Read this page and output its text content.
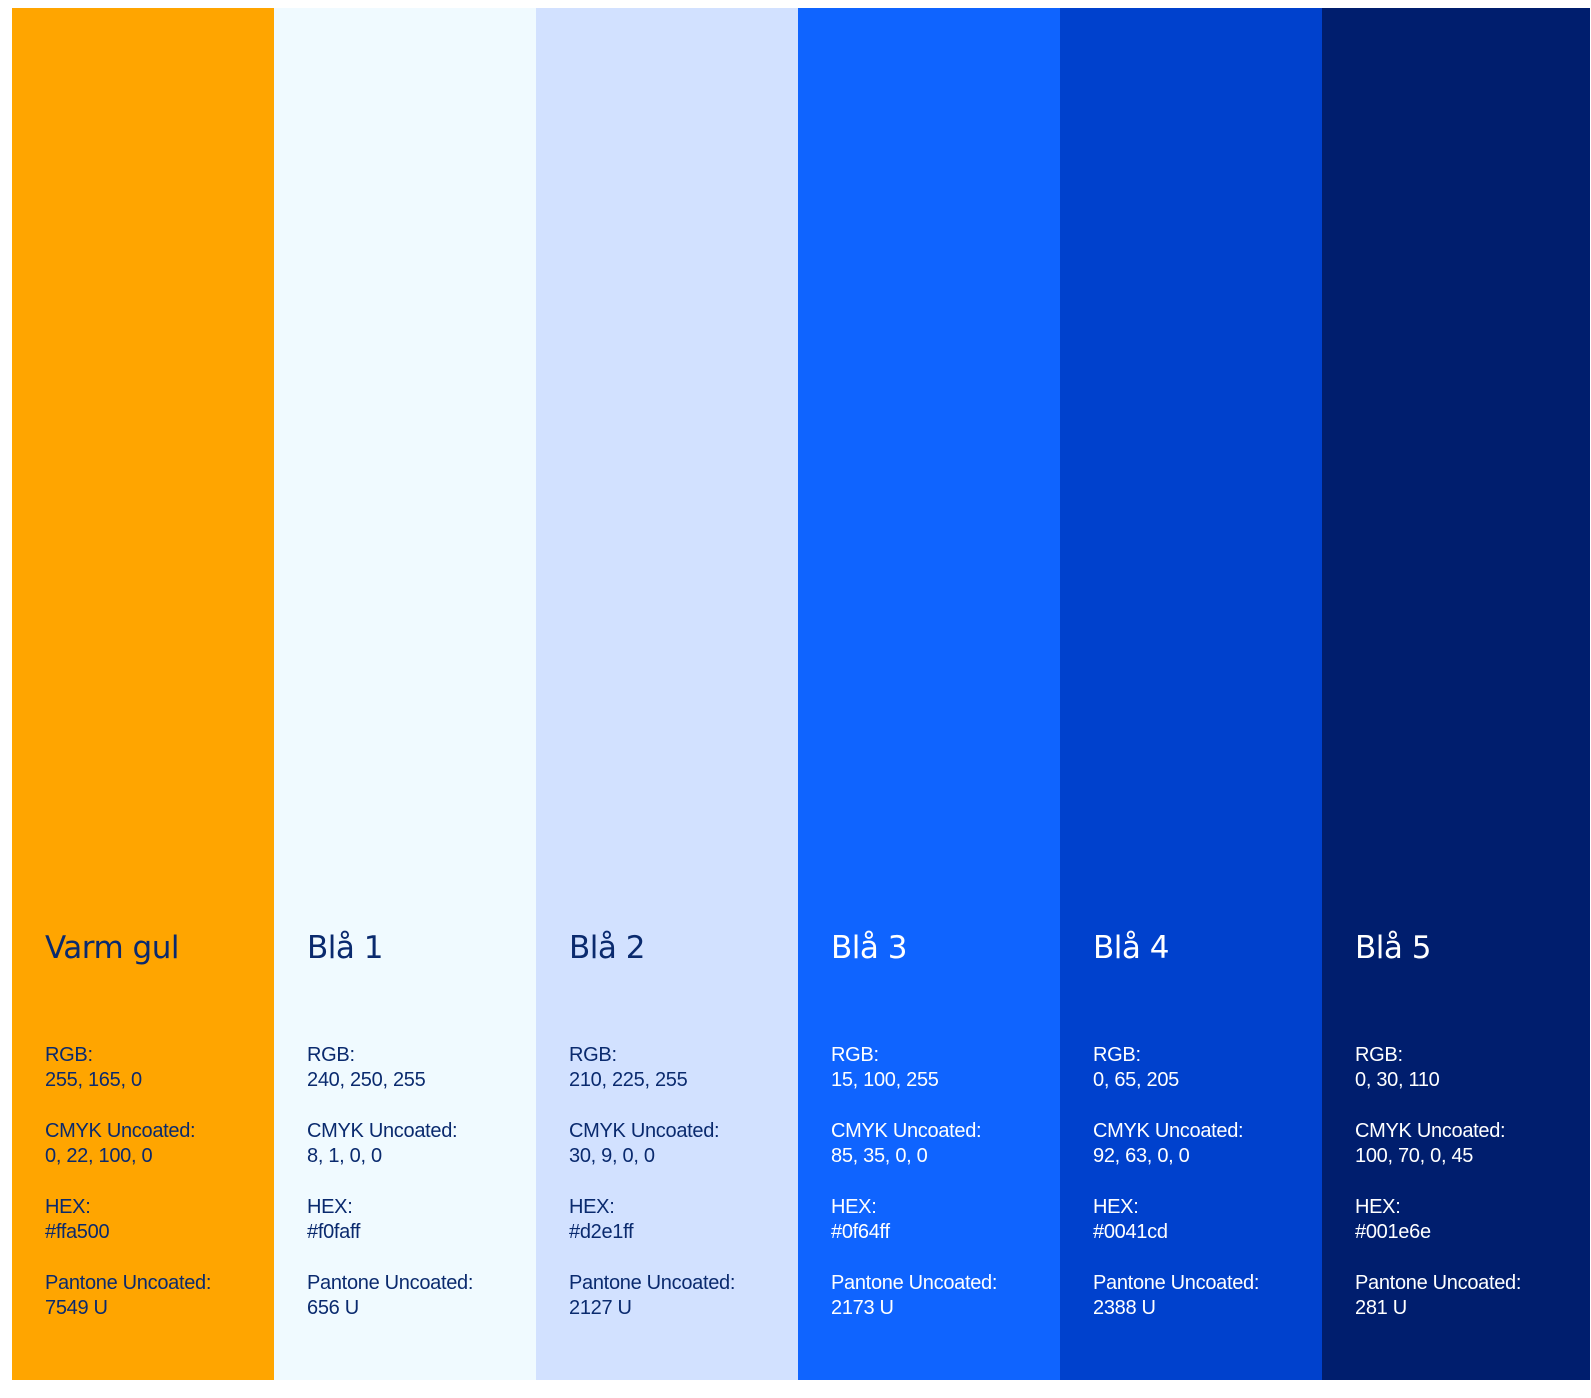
Varm gul
RGB:
255, 165, 0
CMYK Uncoated:
0, 22, 100, 0
HEX:
#ffa500
Pantone Uncoated:
7549 U
Blå 1
RGB:
240, 250, 255
CMYK Uncoated:
8, 1, 0, 0
HEX:
#f0faff
Pantone Uncoated:
656 U
Blå 2
RGB:
210, 225, 255
CMYK Uncoated:
30, 9, 0, 0
HEX:
#d2e1ff
Pantone Uncoated:
2127 U
Blå 3
RGB:
15, 100, 255
CMYK Uncoated:
85, 35, 0, 0
HEX:
#0f64ff
Pantone Uncoated:
2173 U
Blå 4
RGB:
0, 65, 205
CMYK Uncoated:
92, 63, 0, 0
HEX:
#0041cd
Pantone Uncoated:
2388 U
Blå 5
RGB:
0, 30, 110
CMYK Uncoated:
100, 70, 0, 45
HEX:
#001e6e
Pantone Uncoated:
281 U
